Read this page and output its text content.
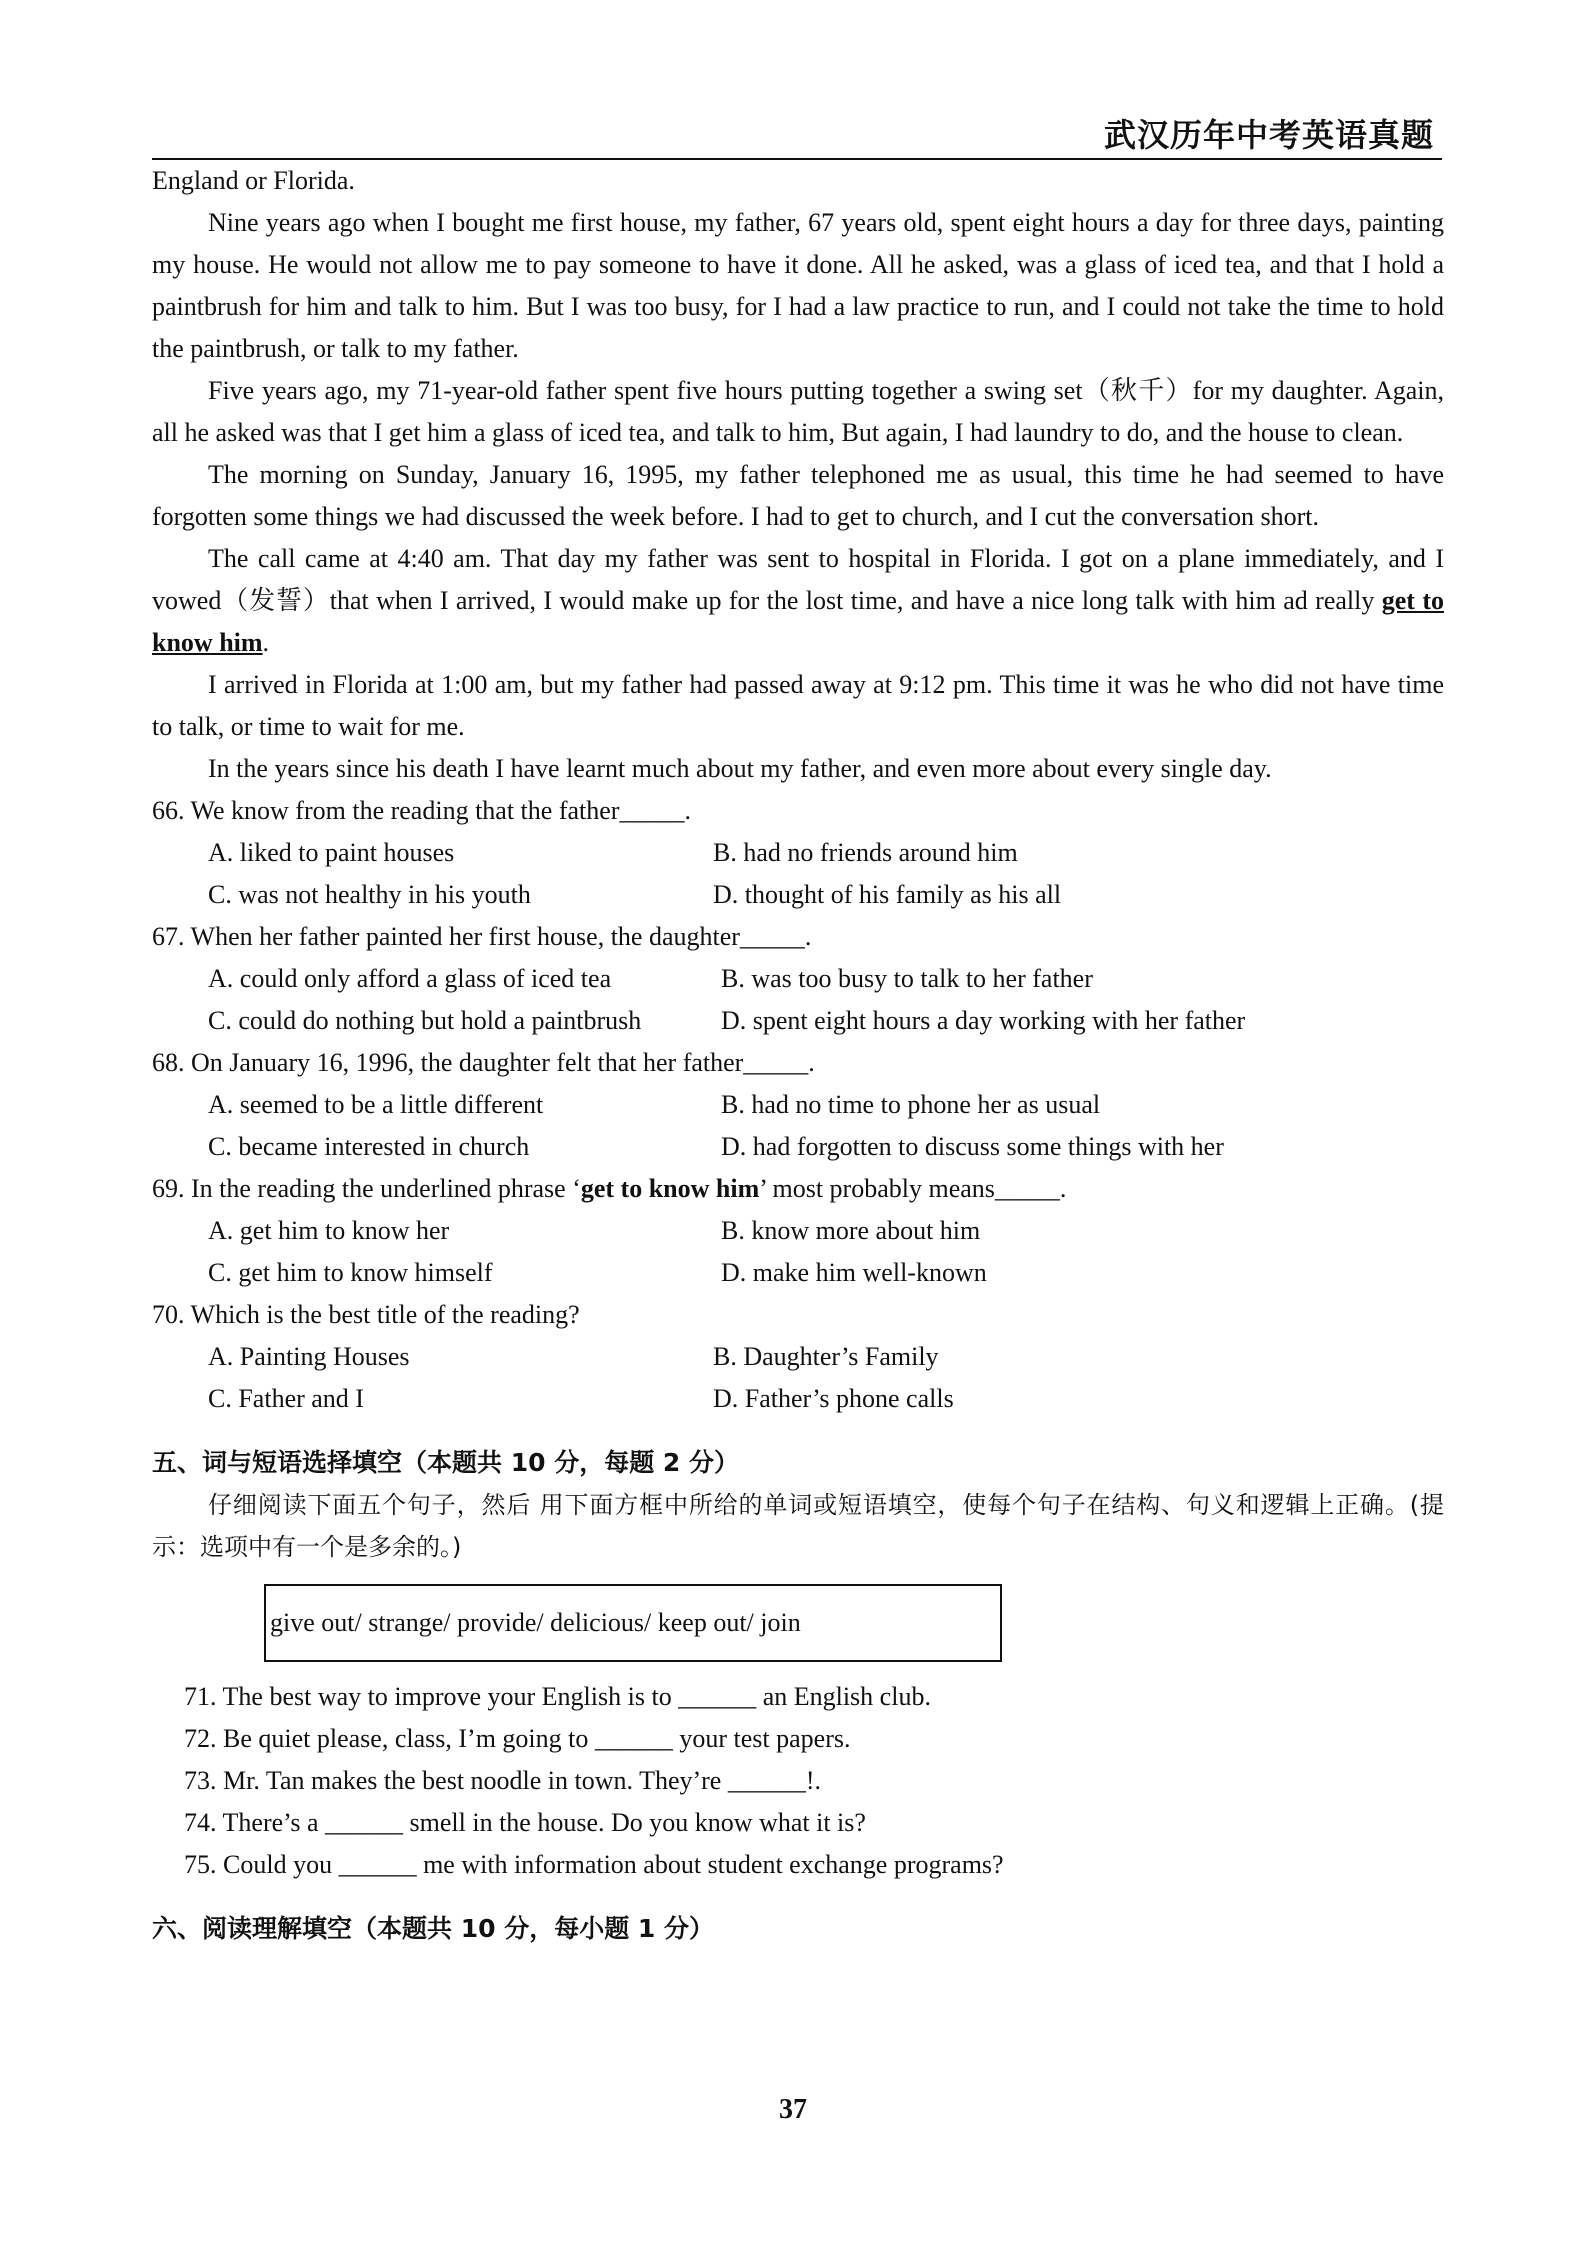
武汉历年中考英语真题

England or Florida.

Nine years ago when I bought me first house, my father, 67 years old, spent eight hours a day for three days, painting my house. He would not allow me to pay someone to have it done. All he asked, was a glass of iced tea, and that I hold a paintbrush for him and talk to him. But I was too busy, for I had a law practice to run, and I could not take the time to hold the paintbrush, or talk to my father.

Five years ago, my 71-year-old father spent five hours putting together a swing set（秋千）for my daughter. Again, all he asked was that I get him a glass of iced tea, and talk to him, But again, I had laundry to do, and the house to clean.

The morning on Sunday, January 16, 1995, my father telephoned me as usual, this time he had seemed to have forgotten some things we had discussed the week before. I had to get to church, and I cut the conversation short.

The call came at 4:40 am. That day my father was sent to hospital in Florida. I got on a plane immediately, and I vowed（发誓）that when I arrived, I would make up for the lost time, and have a nice long talk with him ad really get to know him.

I arrived in Florida at 1:00 am, but my father had passed away at 9:12 pm. This time it was he who did not have time to talk, or time to wait for me.

In the years since his death I have learnt much about my father, and even more about every single day.

66. We know from the reading that the father_____.

A. liked to paint houses	B. had no friends around him
C. was not healthy in his youth	D. thought of his family as his all

67. When her father painted her first house, the daughter_____.

A. could only afford a glass of iced tea	B. was too busy to talk to her father
C. could do nothing but hold a paintbrush	D. spent eight hours a day working with her father

68. On January 16, 1996, the daughter felt that her father_____.

A. seemed to be a little different	B. had no time to phone her as usual
C. became interested in church	D. had forgotten to discuss some things with her

69. In the reading the underlined phrase ‘get to know him’ most probably means_____.

A. get him to know her	B. know more about him
C. get him to know himself	D. make him well-known

70. Which is the best title of the reading?

A. Painting Houses	B. Daughter’s Family
C. Father and I	D. Father’s phone calls

五、词与短语选择填空（本题共 10 分，每题 2 分）

仔细阅读下面五个句子，然后 用下面方框中所给的单词或短语填空，使每个句子在结构、句义和逻辑上正确。(提示：选项中有一个是多余的。)

give out/ strange/ provide/ delicious/ keep out/ join

71. The best way to improve your English is to ______ an English club.

72. Be quiet please, class, I’m going to ______ your test papers.

73. Mr. Tan makes the best noodle in town. They’re ______!.

74. There’s a ______ smell in the house. Do you know what it is?

75. Could you ______ me with information about student exchange programs?

六、阅读理解填空（本题共 10 分，每小题 1 分）

37
